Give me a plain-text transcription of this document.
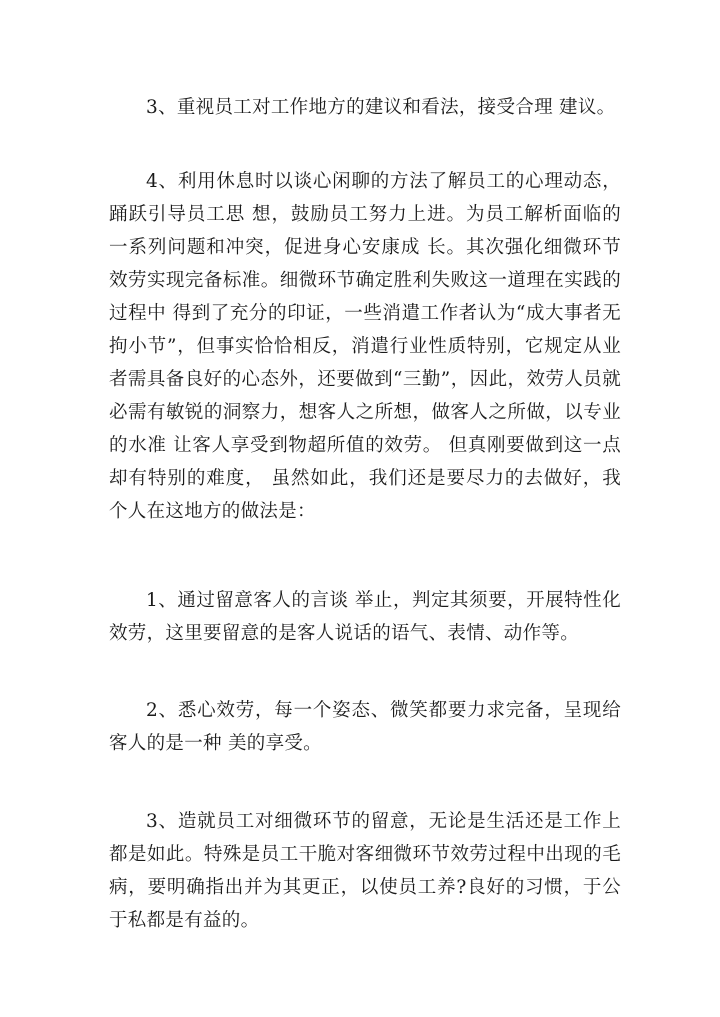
3、重视员工对工作地方的建议和看法，接受合理 建议。

4、利用休息时以谈心闲聊的方法了解员工的心理动态，踊跃引导员工思 想，鼓励员工努力上进。为员工解析面临的一系列问题和冲突，促进身心安康成 长。其次强化细微环节效劳实现完备标准。细微环节确定胜利失败这一道理在实践的过程中 得到了充分的印证，一些消遣工作者认为“成大事者无拘小节”，但事实恰恰相反，消遣行业性质特别，它规定从业者需具备良好的心态外，还要做到“三勤”，因此，效劳人员就必需有敏锐的洞察力，想客人之所想，做客人之所做，以专业的水准 让客人享受到物超所值的效劳。 但真刚要做到这一点却有特别的难度， 虽然如此，我们还是要尽力的去做好，我个人在这地方的做法是：

1、通过留意客人的言谈 举止，判定其须要，开展特性化效劳，这里要留意的是客人说话的语气、表情、动作等。

2、悉心效劳，每一个姿态、微笑都要力求完备，呈现给客人的是一种 美的享受。

3、造就员工对细微环节的留意，无论是生活还是工作上都是如此。特殊是员工干脆对客细微环节效劳过程中出现的毛病，要明确指出并为其更正，以使员工养?良好的习惯，于公于私都是有益的。
